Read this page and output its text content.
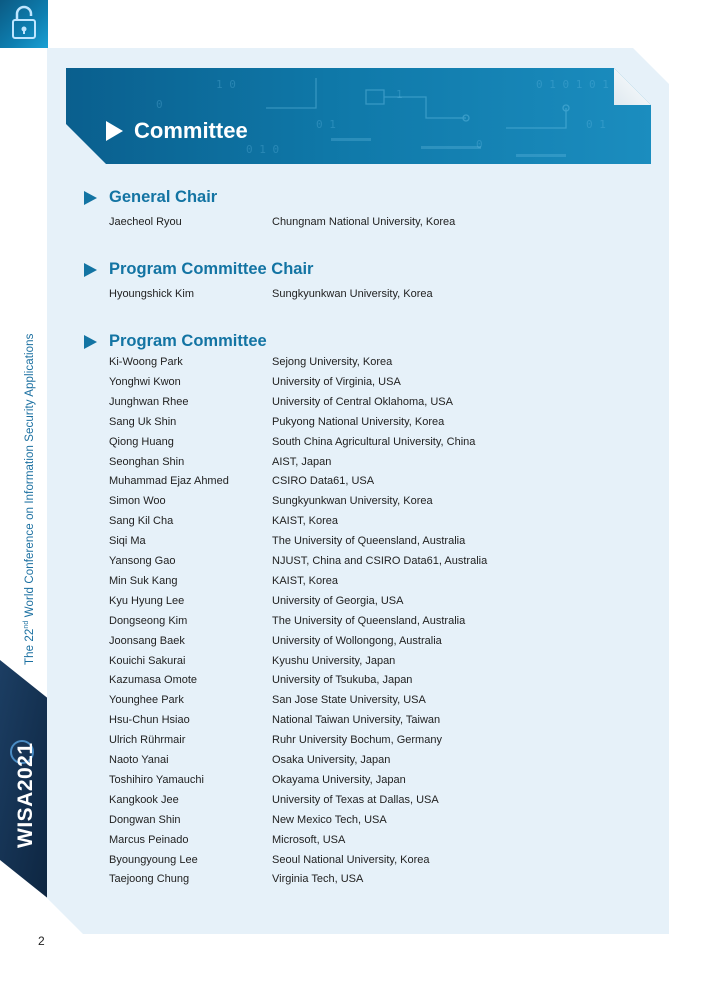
The 22nd World Conference on Information Security Applications
WISA2021
2
1 0
0 1
1
0
0 1 0 1 0 1
0 1 0
0 1
0
Committee
General Chair
Jaecheol Ryou	Chungnam National University, Korea
Program Committee Chair
Hyoungshick Kim	Sungkyunkwan University, Korea
Program Committee
Ki-Woong Park	Sejong University, Korea
Yonghwi Kwon	University of Virginia, USA
Junghwan Rhee	University of Central Oklahoma, USA
Sang Uk Shin	Pukyong National University, Korea
Qiong Huang	South China Agricultural University, China
Seonghan Shin	AIST, Japan
Muhammad Ejaz Ahmed	CSIRO Data61, USA
Simon Woo	Sungkyunkwan University, Korea
Sang Kil Cha	KAIST, Korea
Siqi Ma	The University of Queensland, Australia
Yansong Gao	NJUST, China and CSIRO Data61, Australia
Min Suk Kang	KAIST, Korea
Kyu Hyung Lee	University of Georgia, USA
Dongseong Kim	The University of Queensland, Australia
Joonsang Baek	University of Wollongong, Australia
Kouichi Sakurai	Kyushu University, Japan
Kazumasa Omote	University of Tsukuba, Japan
Younghee Park	San Jose State University, USA
Hsu-Chun Hsiao	National Taiwan University, Taiwan
Ulrich Rührmair	Ruhr University Bochum, Germany
Naoto Yanai	Osaka University, Japan
Toshihiro Yamauchi	Okayama University, Japan
Kangkook Jee	University of Texas at Dallas, USA
Dongwan Shin	New Mexico Tech, USA
Marcus Peinado	Microsoft, USA
Byoungyoung Lee	Seoul National University, Korea
Taejoong Chung	Virginia Tech, USA
